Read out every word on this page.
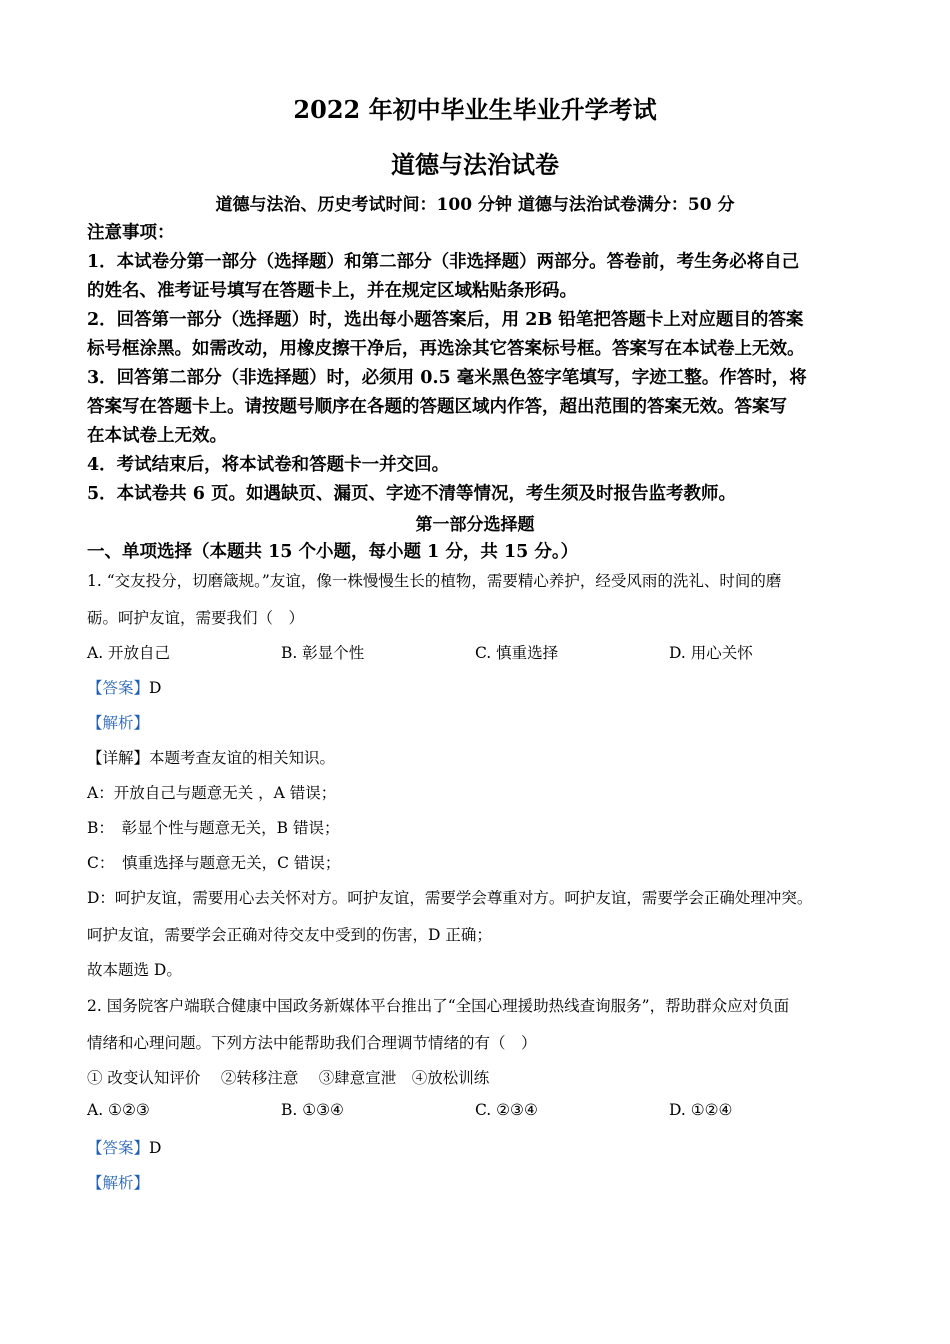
2022 年初中毕业生毕业升学考试
道德与法治试卷
道德与法治、历史考试时间：100 分钟 道德与法治试卷满分：50 分
注意事项：
1．本试卷分第一部分（选择题）和第二部分（非选择题）两部分。答卷前，考生务必将自己
的姓名、准考证号填写在答题卡上，并在规定区域粘贴条形码。
2．回答第一部分（选择题）时，选出每小题答案后，用 2B 铅笔把答题卡上对应题目的答案
标号框涂黑。如需改动，用橡皮擦干净后，再选涂其它答案标号框。答案写在本试卷上无效。
3．回答第二部分（非选择题）时，必须用 0.5 毫米黑色签字笔填写，字迹工整。作答时，将
答案写在答题卡上。请按题号顺序在各题的答题区域内作答，超出范围的答案无效。答案写
在本试卷上无效。
4．考试结束后，将本试卷和答题卡一并交回。
5．本试卷共 6 页。如遇缺页、漏页、字迹不清等情况，考生须及时报告监考教师。
第一部分选择题
一、单项选择（本题共 15 个小题，每小题 1 分，共 15 分。）
1. “交友投分，切磨箴规。”友谊，像一株慢慢生长的植物，需要精心养护，经受风雨的洗礼、时间的磨
砺。呵护友谊，需要我们（　）
A. 开放自己	B. 彰显个性	C. 慎重选择	D. 用心关怀
【答案】D
【解析】
【详解】本题考查友谊的相关知识。
A：开放自己与题意无关 ，A 错误；
B：　彰显个性与题意无关，B 错误；
C：　慎重选择与题意无关，C 错误；
D：呵护友谊，需要用心去关怀对方。呵护友谊，需要学会尊重对方。呵护友谊，需要学会正确处理冲突。
呵护友谊，需要学会正确对待交友中受到的伤害，D 正确；
故本题选 D。
2. 国务院客户端联合健康中国政务新媒体平台推出了“全国心理援助热线查询服务”，帮助群众应对负面
情绪和心理问题。下列方法中能帮助我们合理调节情绪的有（　）
① 改变认知评价　 ②转移注意　 ③肆意宣泄　④放松训练
A. ①②③	B. ①③④	C. ②③④	D. ①②④
【答案】D
【解析】
